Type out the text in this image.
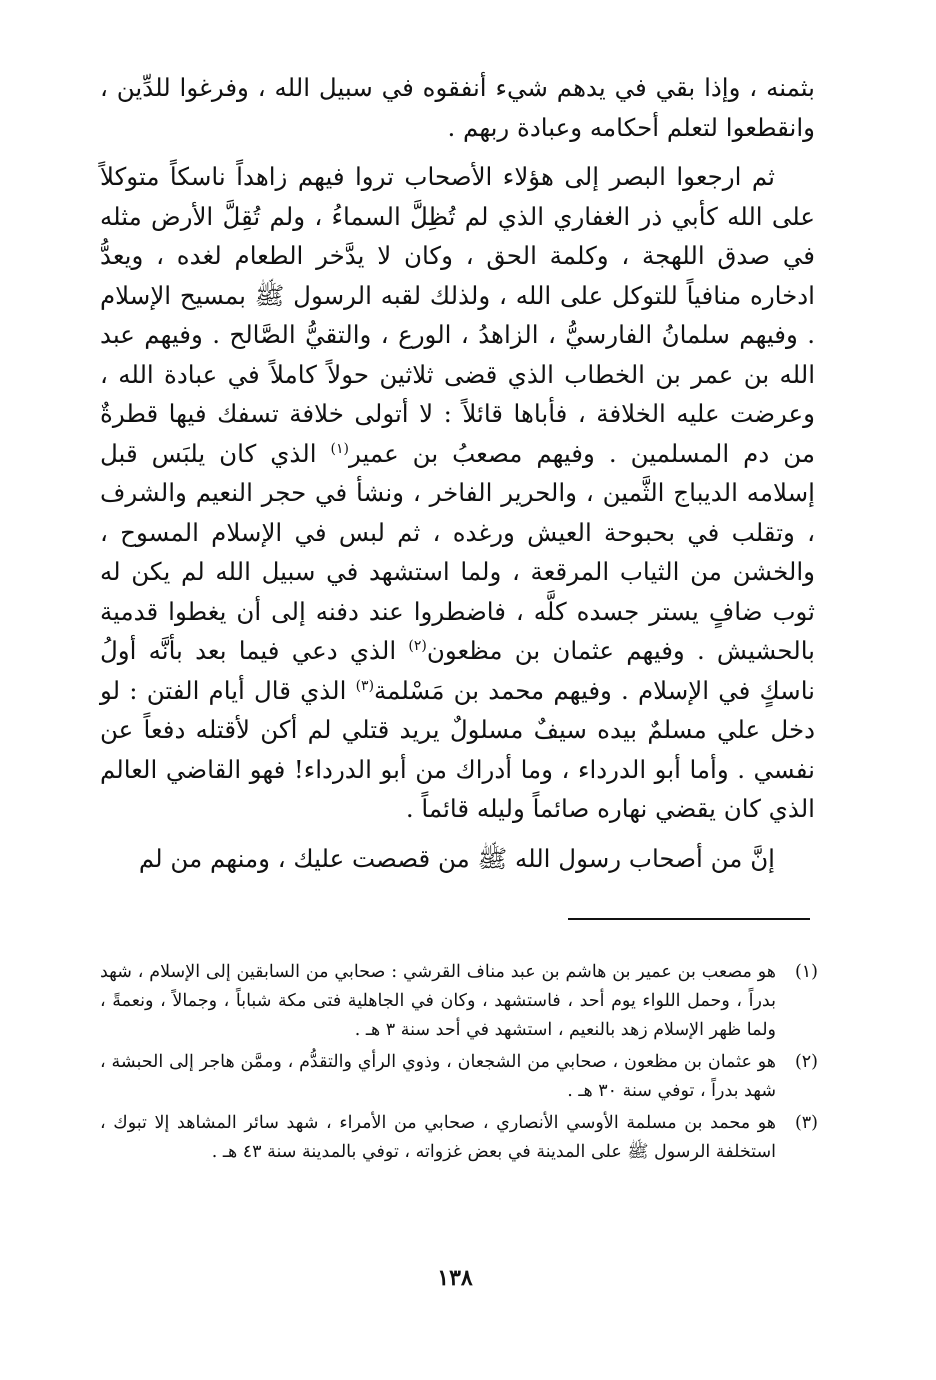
بثمنه ، وإذا بقي في يدهم شيء أنفقوه في سبيل الله ، وفرغوا للدِّين ، وانقطعوا لتعلم أحكامه وعبادة ربهم .

ثم ارجعوا البصر إلى هؤلاء الأصحاب تروا فيهم زاهداً ناسكاً متوكلاً على الله كأبي ذر الغفاري الذي لم تُظِلَّ السماءُ ، ولم تُقِلَّ الأرض مثله في صدق اللهجة ، وكلمة الحق ، وكان لا يدَّخر الطعام لغده ، ويعدُّ ادخاره منافياً للتوكل على الله ، ولذلك لقبه الرسول ﷺ بمسيح الإسلام . وفيهم سلمانُ الفارسيُّ ، الزاهدُ ، الورع ، والتقيُّ الصَّالح . وفيهم عبد الله بن عمر بن الخطاب الذي قضى ثلاثين حولاً كاملاً في عبادة الله ، وعرضت عليه الخلافة ، فأباها قائلاً : لا أتولى خلافة تسفك فيها قطرةٌ من دم المسلمين . وفيهم مصعبُ بن عمير$^{(١)}$ الذي كان يلبَس قبل إسلامه الديباج الثَّمين ، والحرير الفاخر ، ونشأ في حجر النعيم والشرف ، وتقلب في بحبوحة العيش ورغده ، ثم لبس في الإسلام المسوح ، والخشن من الثياب المرقعة ، ولما استشهد في سبيل الله لم يكن له ثوب ضافٍ يستر جسده كلَّه ، فاضطروا عند دفنه إلى أن يغطوا قدمية بالحشيش . وفيهم عثمان بن مظعون$^{(٢)}$ الذي دعي فيما بعد بأنَّه أولُ ناسكٍ في الإسلام . وفيهم محمد بن مَسْلمة$^{(٣)}$ الذي قال أيام الفتن : لو دخل علي مسلمٌ بيده سيفٌ مسلولٌ يريد قتلي لم أكن لأقتله دفعاً عن نفسي . وأما أبو الدرداء ، وما أدراك من أبو الدرداء! فهو القاضي العالم الذي كان يقضي نهاره صائماً وليله قائماً .

إنَّ من أصحاب رسول الله ﷺ من قصصت عليك ، ومنهم من لم

(١)
هو مصعب بن عمير بن هاشم بن عبد مناف القرشي : صحابي من السابقين إلى الإسلام ، شهد بدراً ، وحمل اللواء يوم أحد ، فاستشهد ، وكان في الجاهلية فتى مكة شباباً ، وجمالاً ، ونعمةً ، ولما ظهر الإسلام زهد بالنعيم ، استشهد في أحد سنة ٣ هـ .
(٢)
هو عثمان بن مظعون ، صحابي من الشجعان ، وذوي الرأي والتقدُّم ، وممَّن هاجر إلى الحبشة ، شهد بدراً ، توفي سنة ٣٠ هـ .
(٣)
هو محمد بن مسلمة الأوسي الأنصاري ، صحابي من الأمراء ، شهد سائر المشاهد إلا تبوك ، استخلفة الرسول ﷺ على المدينة في بعض غزواته ، توفي بالمدينة سنة ٤٣ هـ .
١٣٨
